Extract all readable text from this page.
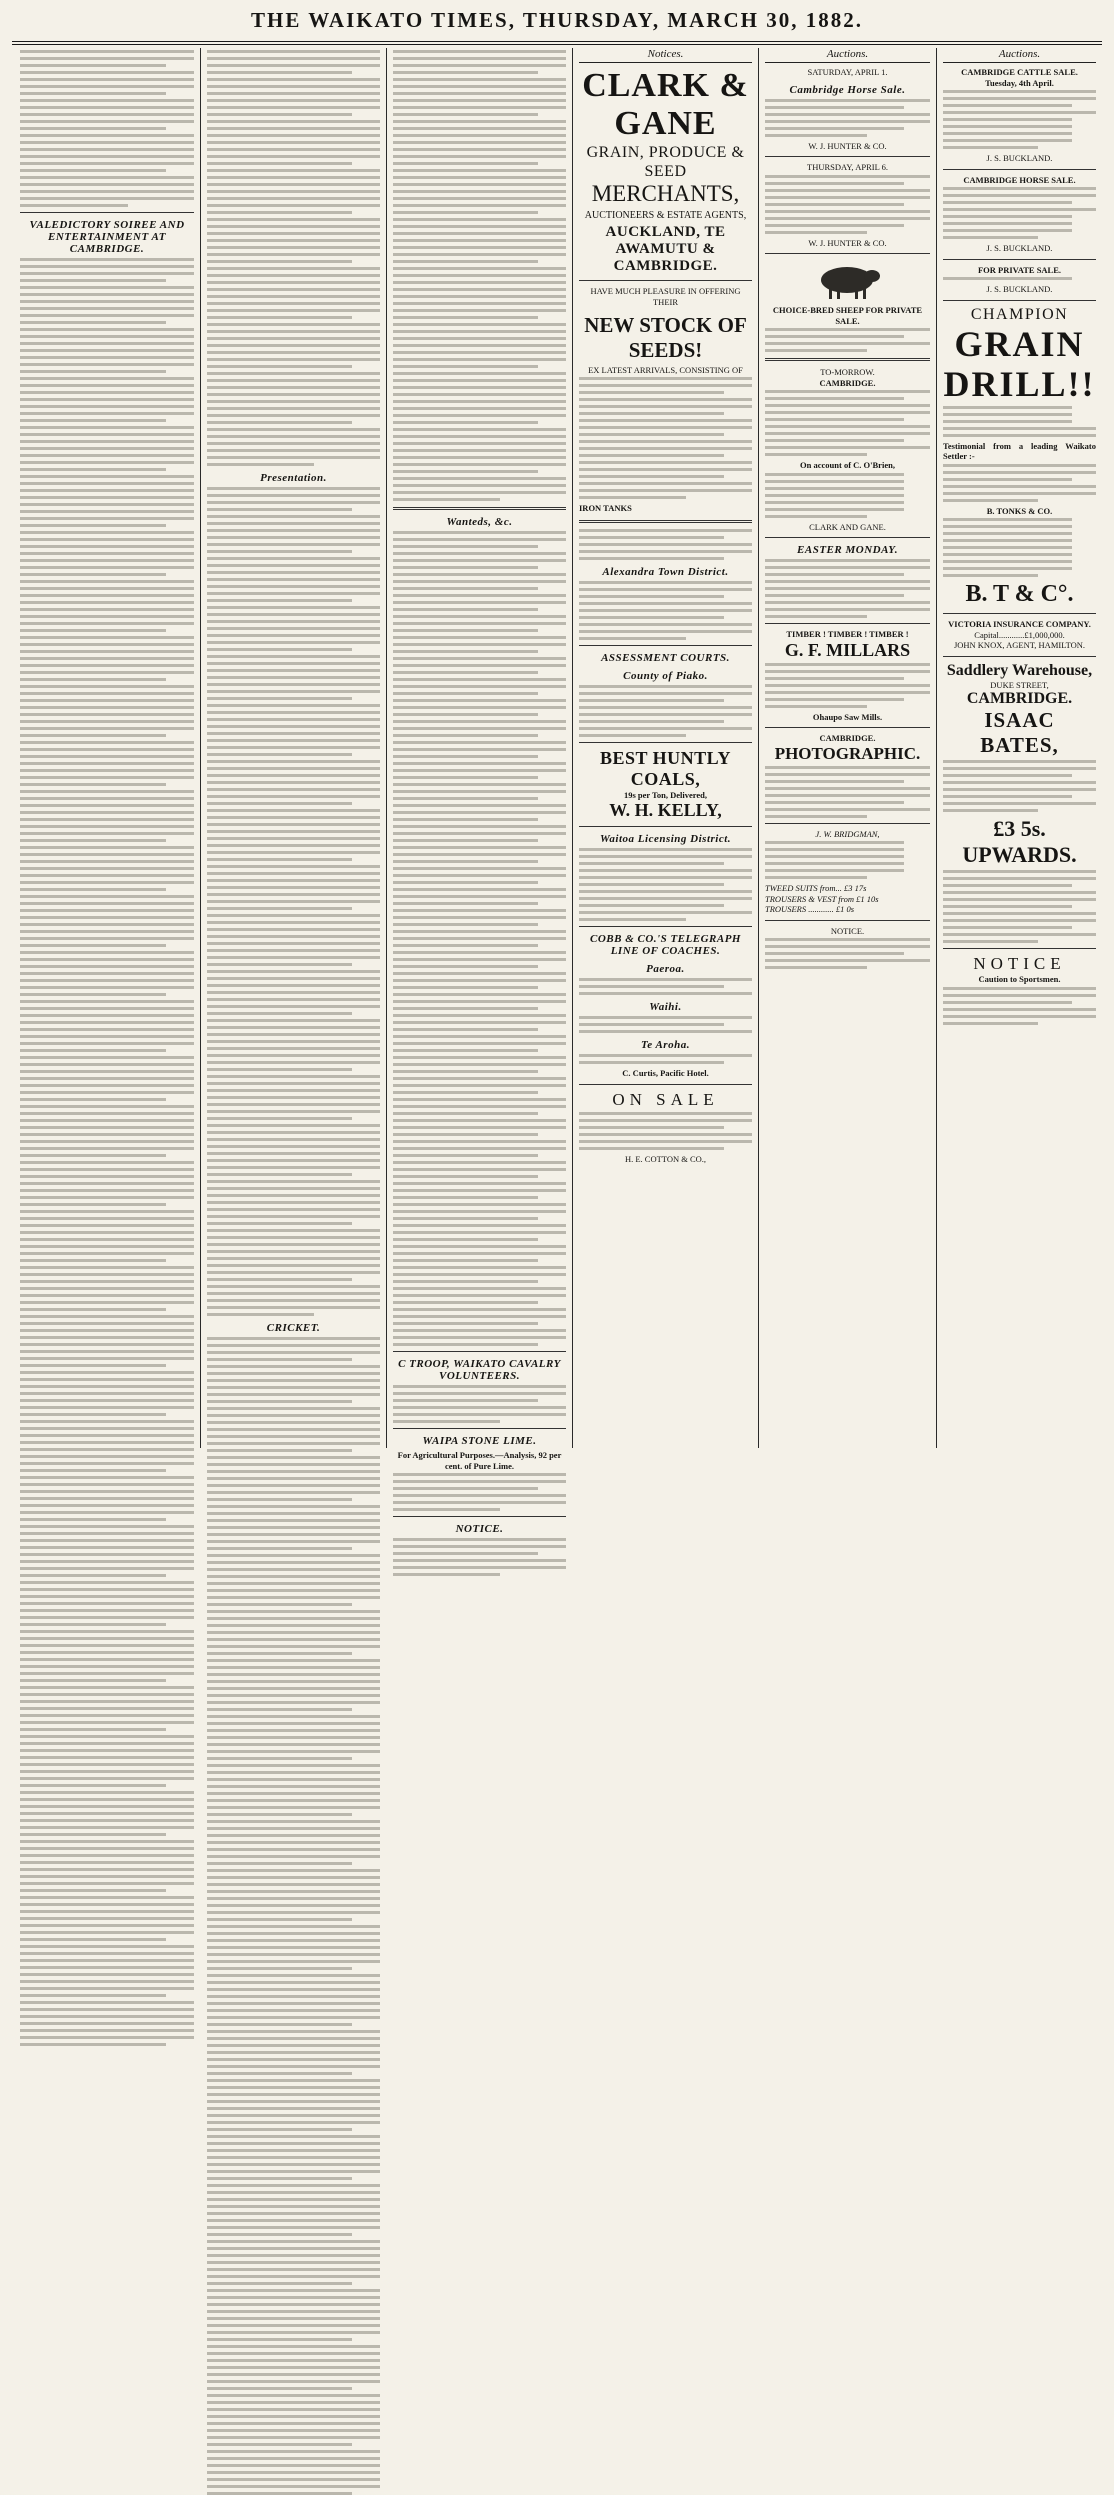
THE WAIKATO TIMES, THURSDAY, MARCH 30, 1882.
VALEDICTORY SOIREE AND ENTERTAINMENT AT CAMBRIDGE.
Presentation.
CRICKET.
Wanteds, &c.
C TROOP, WAIKATO CAVALRY VOLUNTEERS.
WAIPA STONE LIME.
For Agricultural Purposes.—Analysis, 92 per cent. of Pure Lime.
NOTICE.
Notices.
CLARK & GANE
GRAIN, PRODUCE & SEED
MERCHANTS,
AUCTIONEERS & ESTATE AGENTS,
AUCKLAND, TE AWAMUTU & CAMBRIDGE.
HAVE MUCH PLEASURE IN OFFERING THEIR
NEW STOCK OF SEEDS!
EX LATEST ARRIVALS, CONSISTING OF
IRON TANKS
Alexandra Town District.
ASSESSMENT COURTS.
County of Piako.
BEST HUNTLY COALS,
19s per Ton, Delivered,
W. H. KELLY,
Waitoa Licensing District.
COBB & CO.'S TELEGRAPH LINE OF COACHES.
Paeroa.
Waihi.
Te Aroha.
C. Curtis, Pacific Hotel.
ON SALE
H. E. COTTON & CO.,
Auctions.
SATURDAY, APRIL 1.
Cambridge Horse Sale.
W. J. HUNTER & CO.
THURSDAY, APRIL 6.
W. J. HUNTER & CO.
CHOICE-BRED SHEEP FOR PRIVATE SALE.
TO-MORROW.
CAMBRIDGE.
On account of C. O'Brien,
CLARK AND GANE.
EASTER MONDAY.
TIMBER ! TIMBER ! TIMBER !
G. F. MILLARS
Ohaupo Saw Mills.
CAMBRIDGE.
PHOTOGRAPHIC.
J. W. BRIDGMAN,
TWEED SUITS from... £3 17s
TROUSERS & VEST from £1 10s
TROUSERS ............ £1 0s
NOTICE.
Auctions.
CAMBRIDGE CATTLE SALE.
Tuesday, 4th April.
J. S. BUCKLAND.
CAMBRIDGE HORSE SALE.
J. S. BUCKLAND.
FOR PRIVATE SALE.
J. S. BUCKLAND.
CHAMPION
GRAIN
DRILL!!
Testimonial from a leading Waikato Settler :-
B. TONKS & CO.
B. T & C°.
VICTORIA INSURANCE COMPANY.
Capital............£1,000,000.
JOHN KNOX, AGENT, HAMILTON.
Saddlery Warehouse,
DUKE STREET,
CAMBRIDGE.
ISAAC BATES,
£3 5s. UPWARDS.
NOTICE
Caution to Sportsmen.
